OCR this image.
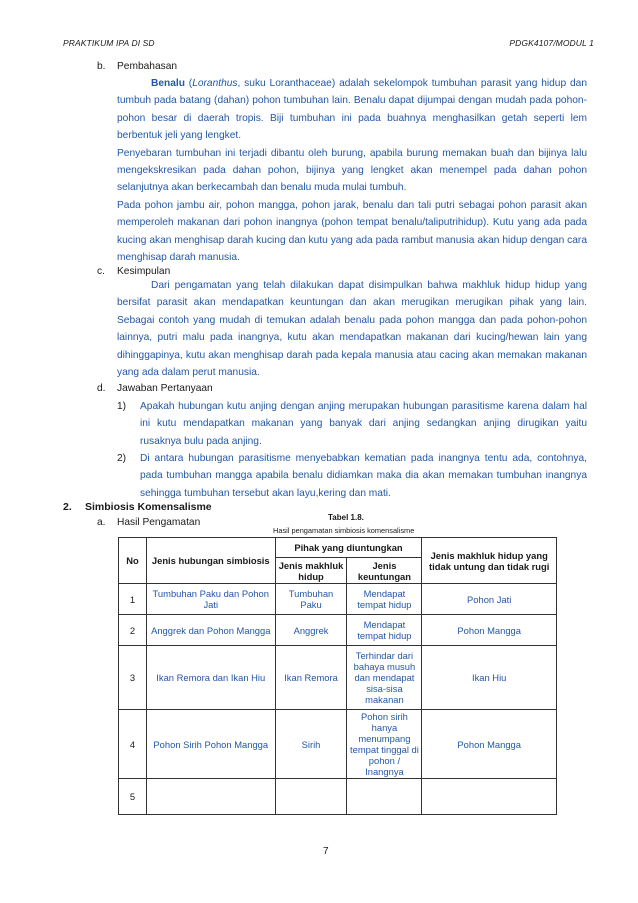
PRAKTIKUM IPA DI SD	PDGK4107/MODUL 1
b. Pembahasan

Benalu (Loranthus, suku Loranthaceae) adalah sekelompok tumbuhan parasit yang hidup dan tumbuh pada batang (dahan) pohon tumbuhan lain. Benalu dapat dijumpai dengan mudah pada pohon-pohon besar di daerah tropis. Biji tumbuhan ini pada buahnya menghasilkan getah seperti lem berbentuk jeli yang lengket.

Penyebaran tumbuhan ini terjadi dibantu oleh burung, apabila burung memakan buah dan bijinya lalu mengekskresikan pada dahan pohon, bijinya yang lengket akan menempel pada dahan pohon selanjutnya akan berkecambah dan benalu muda mulai tumbuh.

Pada pohon jambu air, pohon mangga, pohon jarak, benalu dan tali putri sebagai pohon parasit akan memperoleh makanan dari pohon inangnya (pohon tempat benalu/taliputrihidup). Kutu yang ada pada kucing akan menghisap darah kucing dan kutu yang ada pada rambut manusia akan hidup dengan cara menghisap darah manusia.

c. Kesimpulan

Dari pengamatan yang telah dilakukan dapat disimpulkan bahwa makhluk hidup hidup yang bersifat parasit akan mendapatkan keuntungan dan akan merugikan merugikan pihak yang lain. Sebagai contoh yang mudah di temukan adalah benalu pada pohon mangga dan pada pohon-pohon lainnya, putri malu pada inangnya, kutu akan mendapatkan makanan dari kucing/hewan lain yang dihinggapinya, kutu akan menghisap darah pada kepala manusia atau cacing akan memakan makanan yang ada dalam perut manusia.

d. Jawaban Pertanyaan
1) Apakah hubungan kutu anjing dengan anjing merupakan hubungan parasitisme karena dalam hal ini kutu mendapatkan makanan yang banyak dari anjing sedangkan anjing dirugikan yaitu rusaknya bulu pada anjing.
2) Di antara hubungan parasitisme menyebabkan kematian pada inangnya tentu ada, contohnya, pada tumbuhan mangga apabila benalu didiamkan maka dia akan memakan tumbuhan inangnya sehingga tumbuhan tersebut akan layu,kering dan mati.
2. Simbiosis Komensalisme
a. Hasil Pengamatan	Tabel 1.8.
Hasil pengamatan simbiosis komensalisme
No	Jenis hubungan simbiosis	Pihak yang diuntungkan		Jenis makhluk hidup yang tidak untung dan tidak rugi
		Jenis makhluk hidup	Jenis keuntungan	
1	Tumbuhan Paku dan Pohon Jati	Tumbuhan Paku	Mendapat tempat hidup	Pohon Jati
2	Anggrek dan Pohon Mangga	Anggrek	Mendapat tempat hidup	Pohon Mangga
3	Ikan Remora dan Ikan Hiu	Ikan Remora	Terhindar dari bahaya musuh dan mendapat sisa-sisa makanan	Ikan Hiu
4	Pohon Sirih Pohon Mangga	Sirih	Pohon sirih hanya menumpang tempat tinggal di pohon / Inangnya	Pohon Mangga
5				
7
